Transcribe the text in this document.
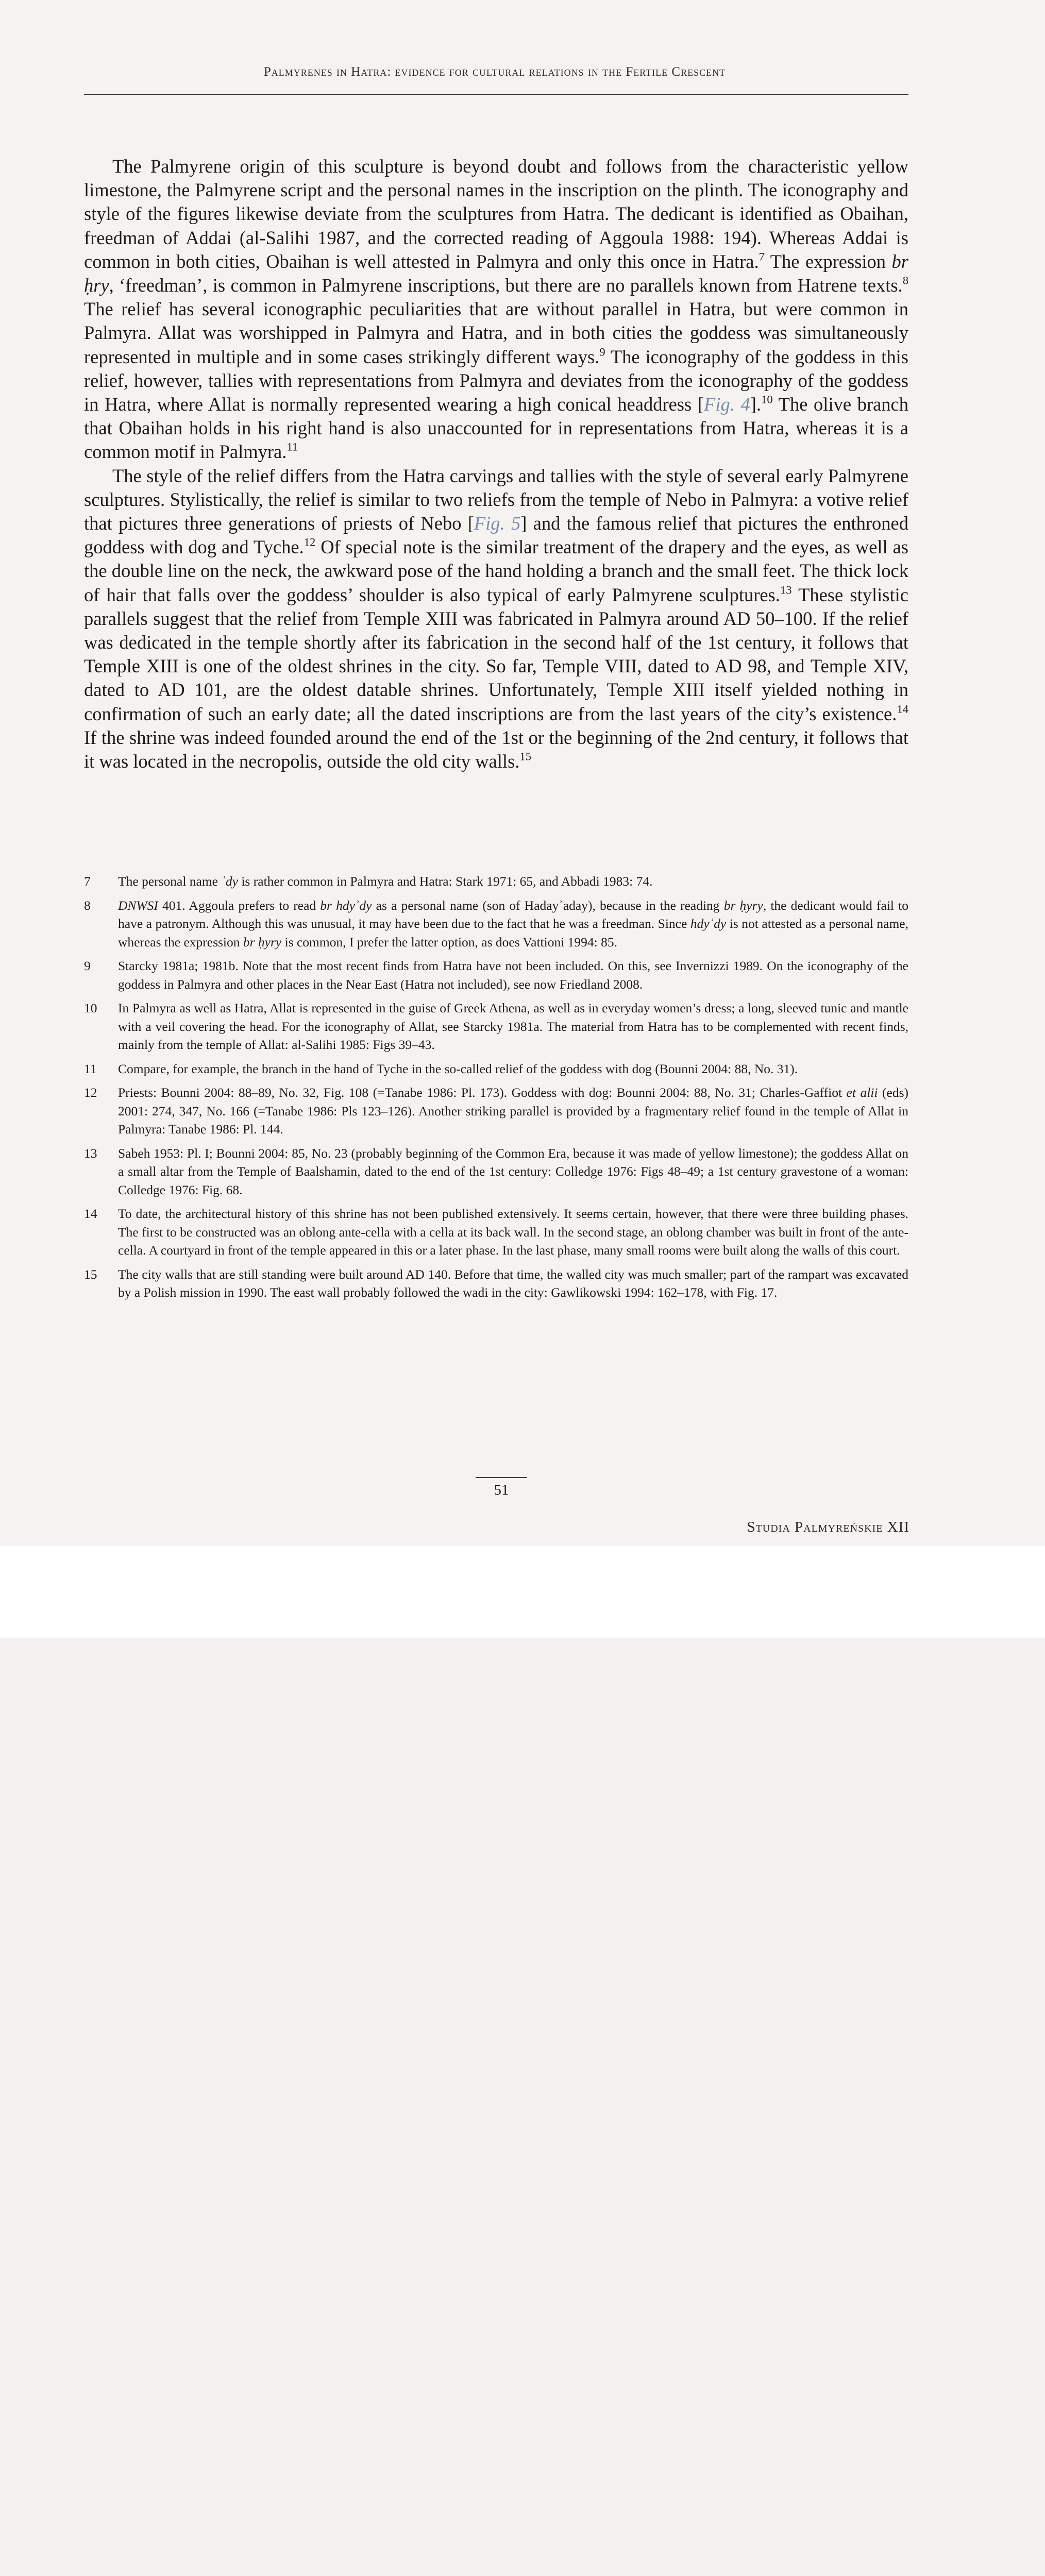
Palmyrenes in Hatra: evidence for cultural relations in the Fertile Crescent

The Palmyrene origin of this sculpture is beyond doubt and follows from the characteristic yellow limestone, the Palmyrene script and the personal names in the inscription on the plinth. The iconography and style of the figures likewise deviate from the sculptures from Hatra. The dedicant is identified as Obaihan, freedman of Addai (al-Salihi 1987, and the corrected reading of Aggoula 1988: 194). Whereas Addai is common in both cities, Obaihan is well attested in Palmyra and only this once in Hatra.$^7$ The expression br ḥry, ‘freedman’, is common in Palmyrene inscriptions, but there are no parallels known from Hatrene texts.$^8$ The relief has several iconographic peculiarities that are without parallel in Hatra, but were common in Palmyra. Allat was worshipped in Palmyra and Hatra, and in both cities the goddess was simultaneously represented in multiple and in some cases strikingly different ways.$^9$ The iconography of the goddess in this relief, however, tallies with representations from Palmyra and deviates from the iconography of the goddess in Hatra, where Allat is normally represented wearing a high conical headdress [Fig. 4].$^{10}$ The olive branch that Obaihan holds in his right hand is also unaccounted for in representations from Hatra, whereas it is a common motif in Palmyra.$^{11}$

The style of the relief differs from the Hatra carvings and tallies with the style of several early Palmyrene sculptures. Stylistically, the relief is similar to two reliefs from the temple of Nebo in Palmyra: a votive relief that pictures three generations of priests of Nebo [Fig. 5] and the famous relief that pictures the enthroned goddess with dog and Tyche.$^{12}$ Of special note is the similar treatment of the drapery and the eyes, as well as the double line on the neck, the awkward pose of the hand holding a branch and the small feet. The thick lock of hair that falls over the goddess’ shoulder is also typical of early Palmyrene sculptures.$^{13}$ These stylistic parallels suggest that the relief from Temple XIII was fabricated in Palmyra around AD 50–100. If the relief was dedicated in the temple shortly after its fabrication in the second half of the 1st century, it follows that Temple XIII is one of the oldest shrines in the city. So far, Temple VIII, dated to AD 98, and Temple XIV, dated to AD 101, are the oldest datable shrines. Unfortunately, Temple XIII itself yielded nothing in confirmation of such an early date; all the dated inscriptions are from the last years of the city’s existence.$^{14}$ If the shrine was indeed founded around the end of the 1st or the beginning of the 2nd century, it follows that it was located in the necropolis, outside the old city walls.$^{15}$

7	The personal name ʾdy is rather common in Palmyra and Hatra: Stark 1971: 65, and Abbadi 1983: 74.
8	DNWSI 401. Aggoula prefers to read br hdyʾdy as a personal name (son of Hadayʾaday), because in the reading br ḥyry, the dedicant would fail to have a patronym. Although this was unusual, it may have been due to the fact that he was a freedman. Since hdyʾdy is not attested as a personal name, whereas the expression br ḥyry is common, I prefer the latter option, as does Vattioni 1994: 85.
9	Starcky 1981a; 1981b. Note that the most recent finds from Hatra have not been included. On this, see Invernizzi 1989. On the iconography of the goddess in Palmyra and other places in the Near East (Hatra not included), see now Friedland 2008.
10	In Palmyra as well as Hatra, Allat is represented in the guise of Greek Athena, as well as in everyday women’s dress; a long, sleeved tunic and mantle with a veil covering the head. For the iconography of Allat, see Starcky 1981a. The material from Hatra has to be complemented with recent finds, mainly from the temple of Allat: al-Salihi 1985: Figs 39–43.
11	Compare, for example, the branch in the hand of Tyche in the so-called relief of the goddess with dog (Bounni 2004: 88, No. 31).
12	Priests: Bounni 2004: 88–89, No. 32, Fig. 108 (=Tanabe 1986: Pl. 173). Goddess with dog: Bounni 2004: 88, No. 31; Charles-Gaffiot et alii (eds) 2001: 274, 347, No. 166 (=Tanabe 1986: Pls 123–126). Another striking parallel is provided by a fragmentary relief found in the temple of Allat in Palmyra: Tanabe 1986: Pl. 144.
13	Sabeh 1953: Pl. I; Bounni 2004: 85, No. 23 (probably beginning of the Common Era, because it was made of yellow limestone); the goddess Allat on a small altar from the Temple of Baalshamin, dated to the end of the 1st century: Colledge 1976: Figs 48–49; a 1st century gravestone of a woman: Colledge 1976: Fig. 68.
14	To date, the architectural history of this shrine has not been published extensively. It seems certain, however, that there were three building phases. The first to be constructed was an oblong ante-cella with a cella at its back wall. In the second stage, an oblong chamber was built in front of the ante-cella. A courtyard in front of the temple appeared in this or a later phase. In the last phase, many small rooms were built along the walls of this court.
15	The city walls that are still standing were built around AD 140. Before that time, the walled city was much smaller; part of the rampart was excavated by a Polish mission in 1990. The east wall probably followed the wadi in the city: Gawlikowski 1994: 162–178, with Fig. 17.
51
Studia Palmyreńskie XII
